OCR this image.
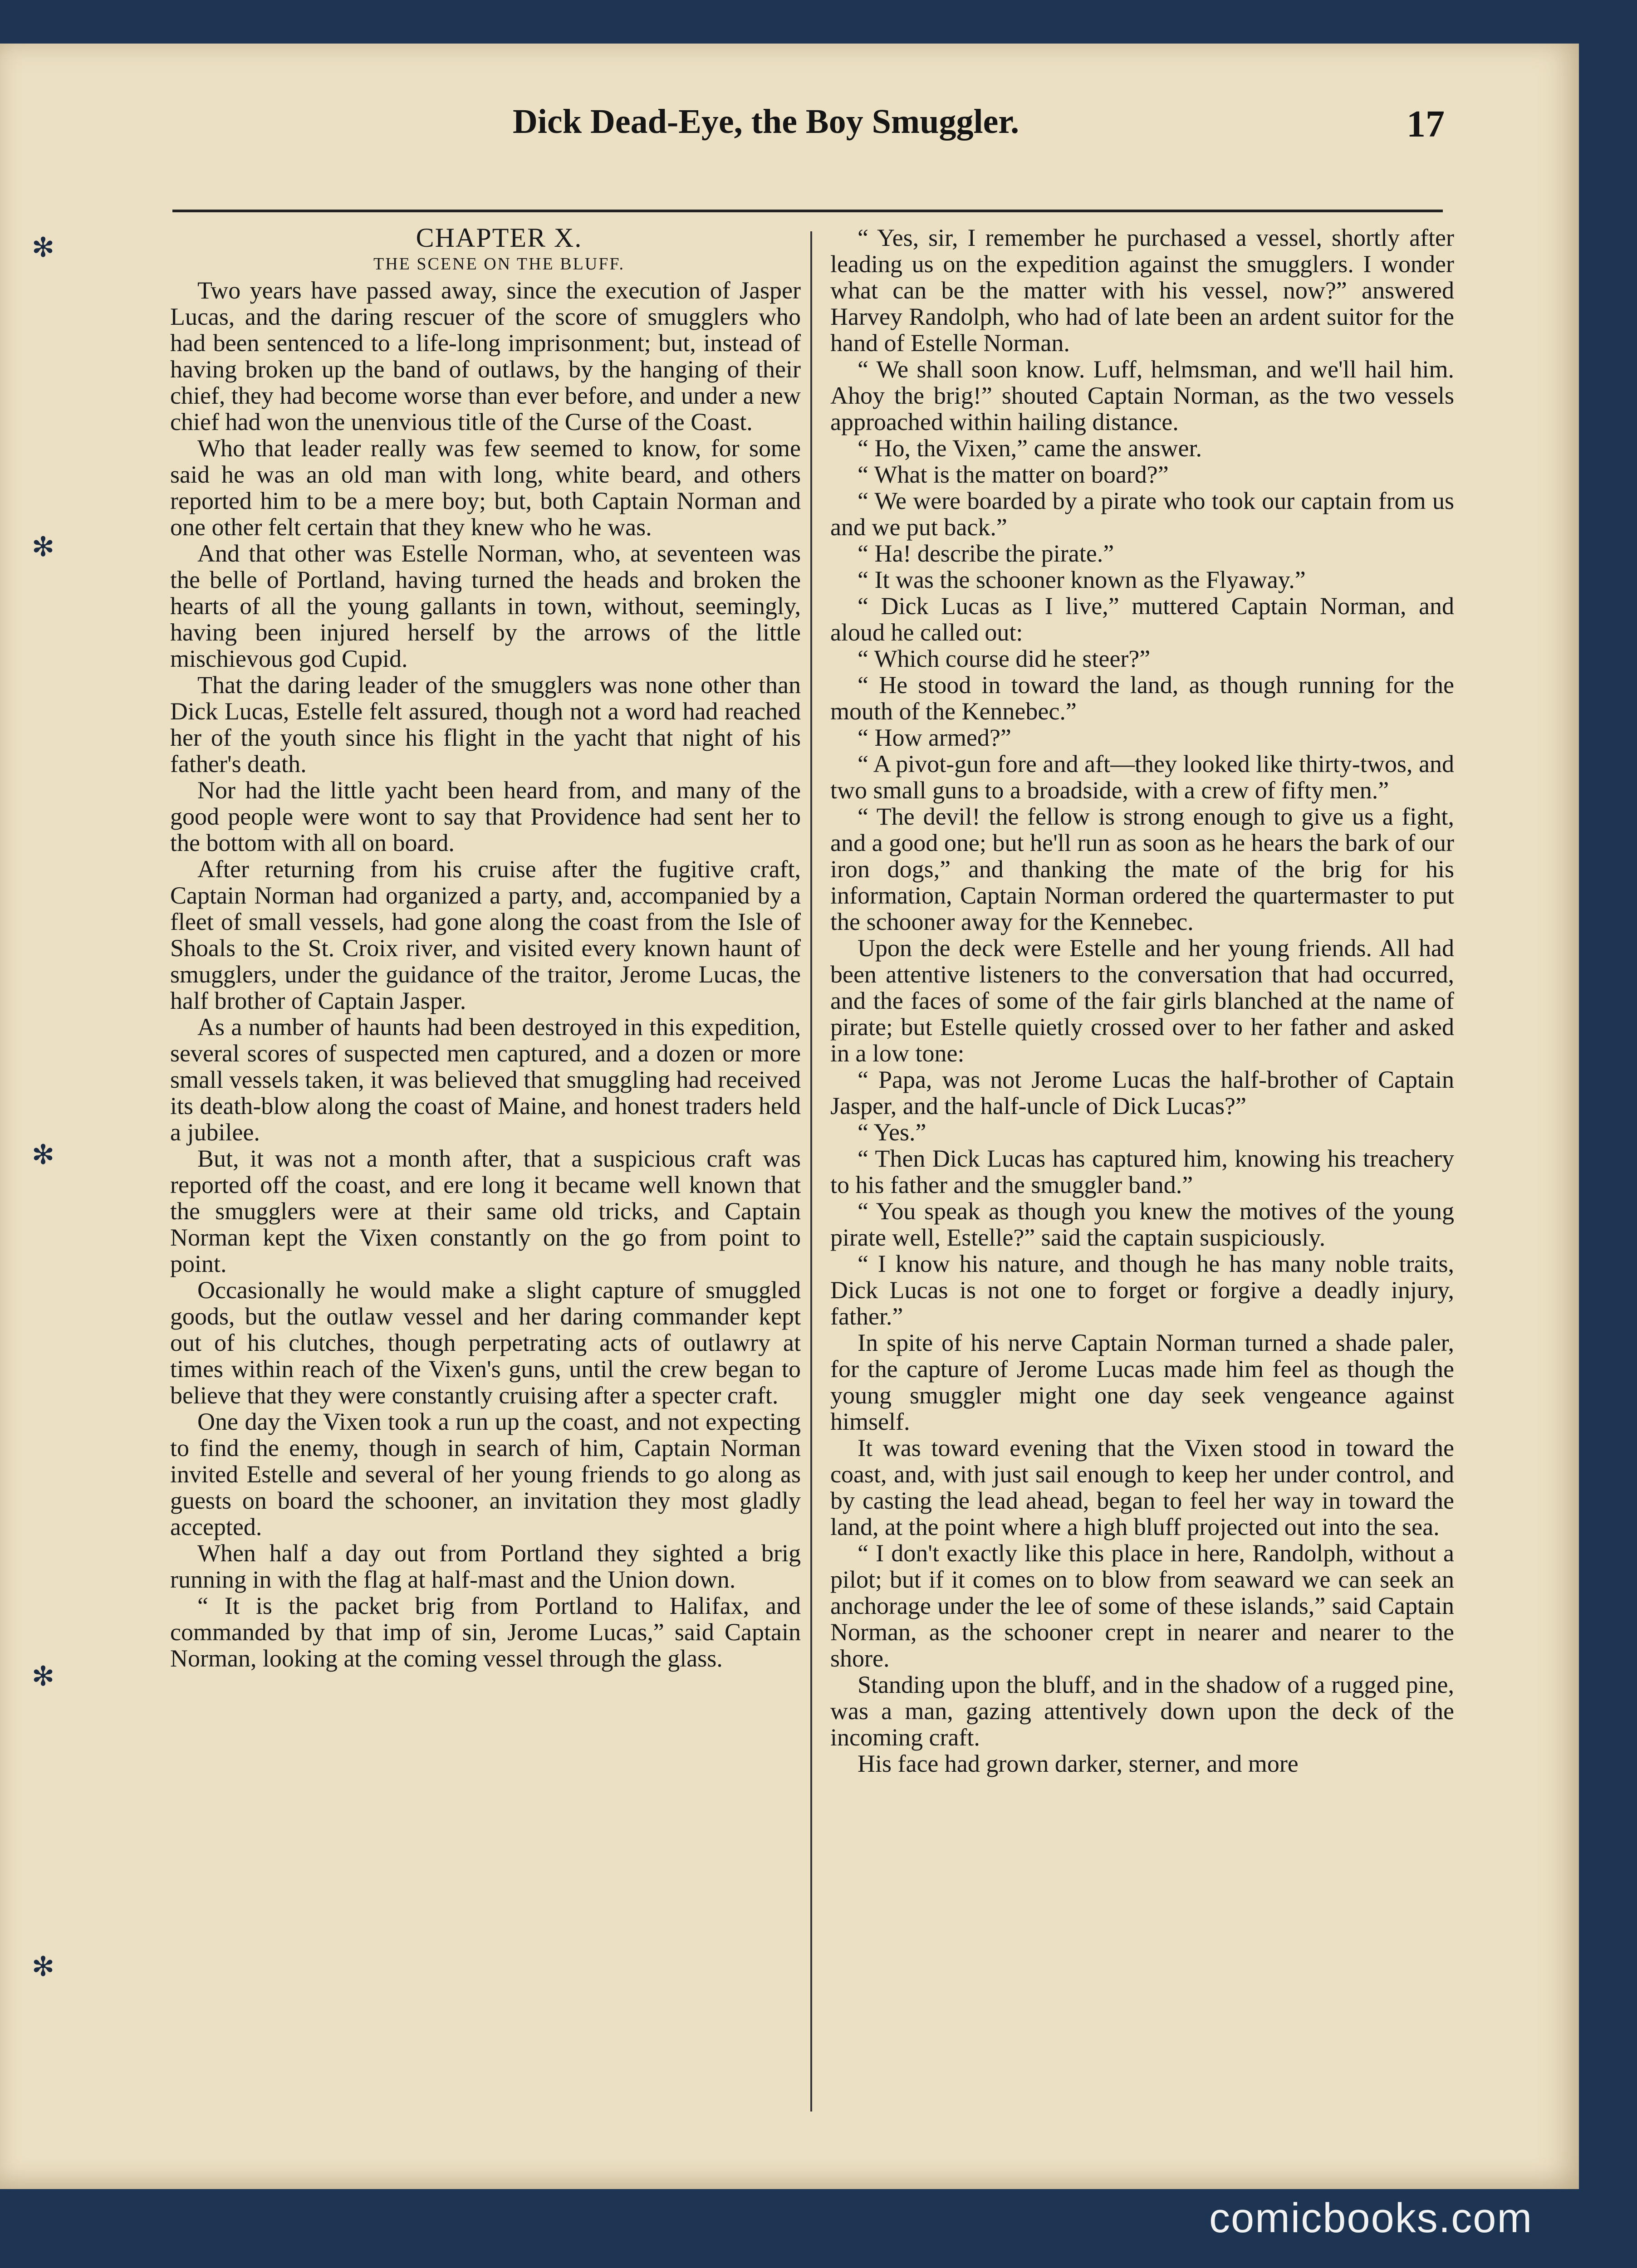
✻
✻
✻
✻
✻
Dick Dead-Eye, the Boy Smuggler.	17

CHAPTER X.

THE SCENE ON THE BLUFF.

Two years have passed away, since the execution of Jasper Lucas, and the daring rescuer of the score of smugglers who had been sentenced to a life-long imprisonment; but, instead of having broken up the band of outlaws, by the hanging of their chief, they had become worse than ever before, and under a new chief had won the unenvious title of the Curse of the Coast.

Who that leader really was few seemed to know, for some said he was an old man with long, white beard, and others reported him to be a mere boy; but, both Captain Norman and one other felt certain that they knew who he was.

And that other was Estelle Norman, who, at seventeen was the belle of Portland, having turned the heads and broken the hearts of all the young gallants in town, without, seemingly, having been injured herself by the arrows of the little mischievous god Cupid.

That the daring leader of the smugglers was none other than Dick Lucas, Estelle felt assured, though not a word had reached her of the youth since his flight in the yacht that night of his father's death.

Nor had the little yacht been heard from, and many of the good people were wont to say that Providence had sent her to the bottom with all on board.

After returning from his cruise after the fugitive craft, Captain Norman had organized a party, and, accompanied by a fleet of small vessels, had gone along the coast from the Isle of Shoals to the St. Croix river, and visited every known haunt of smugglers, under the guidance of the traitor, Jerome Lucas, the half brother of Captain Jasper.

As a number of haunts had been destroyed in this expedition, several scores of suspected men captured, and a dozen or more small vessels taken, it was believed that smuggling had received its death-blow along the coast of Maine, and honest traders held a jubilee.

But, it was not a month after, that a suspicious craft was reported off the coast, and ere long it became well known that the smugglers were at their same old tricks, and Captain Norman kept the Vixen constantly on the go from point to point.

Occasionally he would make a slight capture of smuggled goods, but the outlaw vessel and her daring commander kept out of his clutches, though perpetrating acts of outlawry at times within reach of the Vixen's guns, until the crew began to believe that they were constantly cruising after a specter craft.

One day the Vixen took a run up the coast, and not expecting to find the enemy, though in search of him, Captain Norman invited Estelle and several of her young friends to go along as guests on board the schooner, an invitation they most gladly accepted.

When half a day out from Portland they sighted a brig running in with the flag at half-mast and the Union down.

“ It is the packet brig from Portland to Halifax, and commanded by that imp of sin, Jerome Lucas,” said Captain Norman, looking at the coming vessel through the glass.

“ Yes, sir, I remember he purchased a vessel, shortly after leading us on the expedition against the smugglers. I wonder what can be the matter with his vessel, now?” answered Harvey Randolph, who had of late been an ardent suitor for the hand of Estelle Norman.

“ We shall soon know. Luff, helmsman, and we'll hail him. Ahoy the brig!” shouted Captain Norman, as the two vessels approached within hailing distance.

“ Ho, the Vixen,” came the answer.

“ What is the matter on board?”

“ We were boarded by a pirate who took our captain from us and we put back.”

“ Ha! describe the pirate.”

“ It was the schooner known as the Flyaway.”

“ Dick Lucas as I live,” muttered Captain Norman, and aloud he called out:

“ Which course did he steer?”

“ He stood in toward the land, as though running for the mouth of the Kennebec.”

“ How armed?”

“ A pivot-gun fore and aft—they looked like thirty-twos, and two small guns to a broadside, with a crew of fifty men.”

“ The devil! the fellow is strong enough to give us a fight, and a good one; but he'll run as soon as he hears the bark of our iron dogs,” and thanking the mate of the brig for his information, Captain Norman ordered the quartermaster to put the schooner away for the Kennebec.

Upon the deck were Estelle and her young friends. All had been attentive listeners to the conversation that had occurred, and the faces of some of the fair girls blanched at the name of pirate; but Estelle quietly crossed over to her father and asked in a low tone:

“ Papa, was not Jerome Lucas the half-brother of Captain Jasper, and the half-uncle of Dick Lucas?”

“ Yes.”

“ Then Dick Lucas has captured him, knowing his treachery to his father and the smuggler band.”

“ You speak as though you knew the motives of the young pirate well, Estelle?” said the captain suspiciously.

“ I know his nature, and though he has many noble traits, Dick Lucas is not one to forget or forgive a deadly injury, father.”

In spite of his nerve Captain Norman turned a shade paler, for the capture of Jerome Lucas made him feel as though the young smuggler might one day seek vengeance against himself.

It was toward evening that the Vixen stood in toward the coast, and, with just sail enough to keep her under control, and by casting the lead ahead, began to feel her way in toward the land, at the point where a high bluff projected out into the sea.

“ I don't exactly like this place in here, Randolph, without a pilot; but if it comes on to blow from seaward we can seek an anchorage under the lee of some of these islands,” said Captain Norman, as the schooner crept in nearer and nearer to the shore.

Standing upon the bluff, and in the shadow of a rugged pine, was a man, gazing attentively down upon the deck of the incoming craft.

His face had grown darker, sterner, and more

comicbooks.com
